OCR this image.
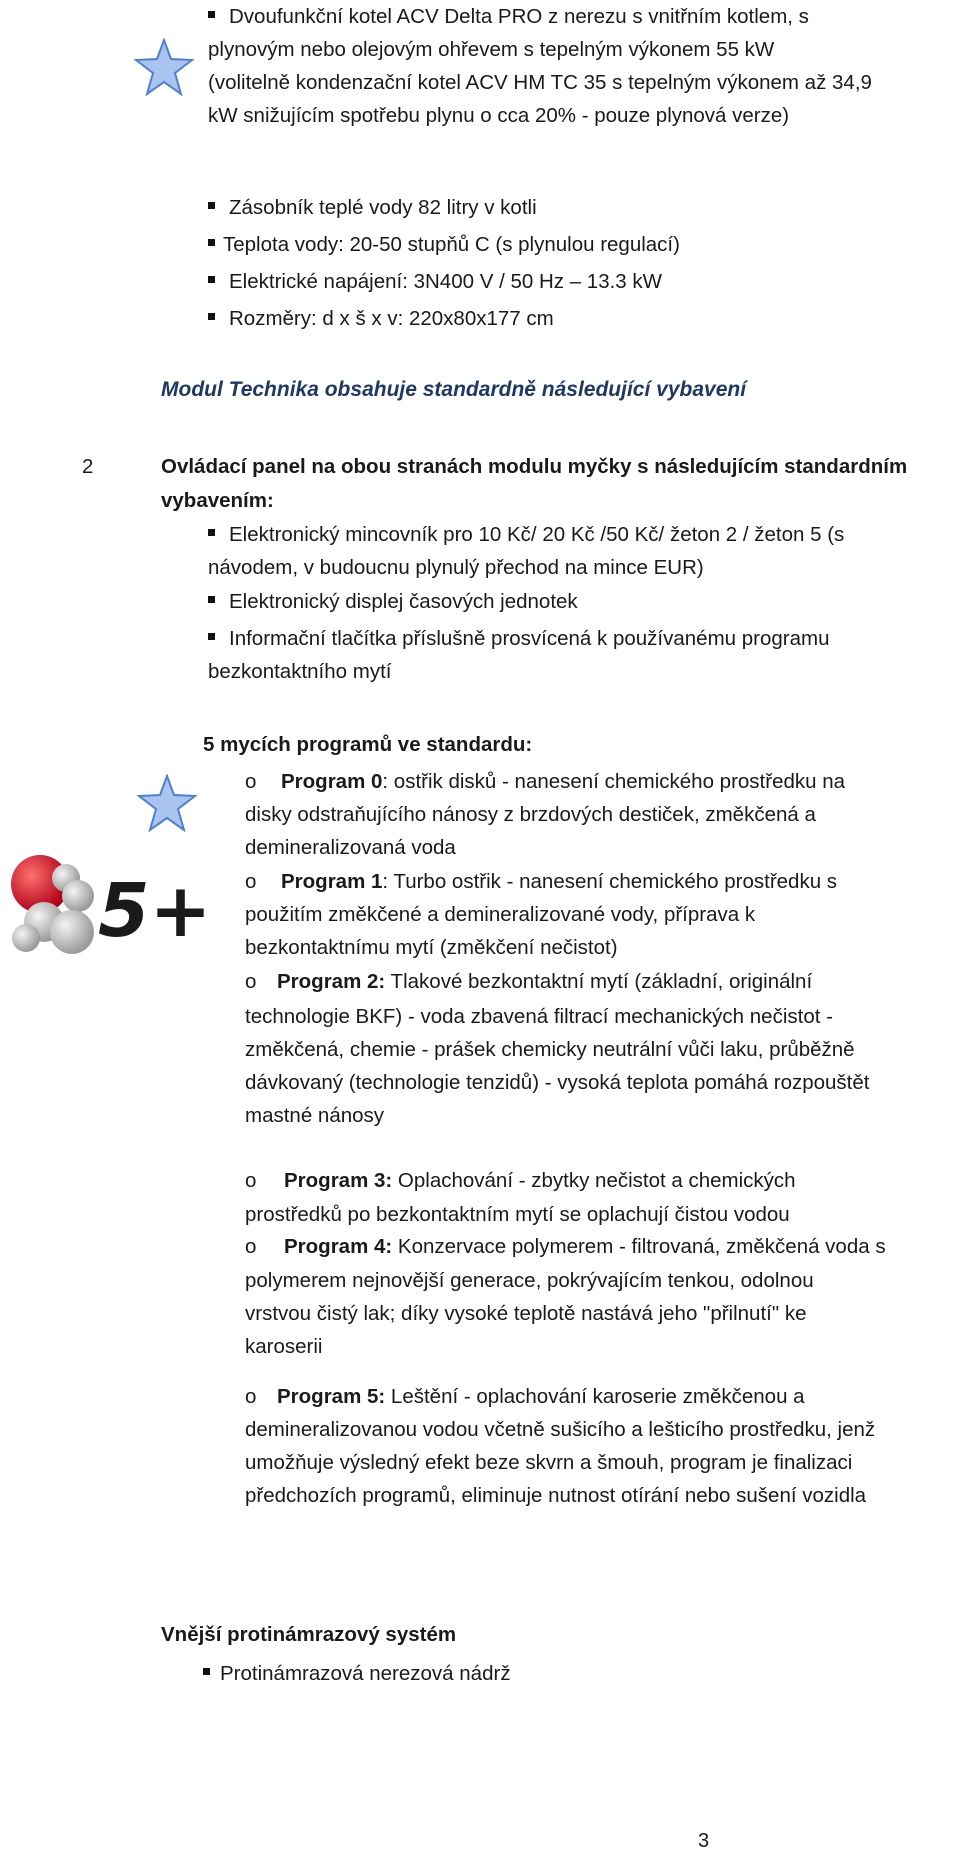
Dvoufunkční kotel ACV Delta PRO z nerezu s vnitřním kotlem, s
plynovým nebo olejovým ohřevem s tepelným výkonem 55 kW
(volitelně kondenzační kotel ACV HM TC 35 s tepelným výkonem až 34,9
kW snižujícím spotřebu plynu o cca 20% - pouze plynová verze)
Zásobník teplé vody 82 litry v kotli
Teplota vody: 20-50 stupňů C (s plynulou regulací)
Elektrické napájení: 3N400 V / 50 Hz – 13.3 kW
Rozměry: d x š x v: 220x80x177 cm
Modul Technika obsahuje standardně následující vybavení
2	Ovládací panel na obou stranách modulu myčky s následujícím standardním
vybavením:
Elektronický mincovník pro 10 Kč/ 20 Kč /50 Kč/ žeton 2 / žeton 5 (s
návodem, v budoucnu plynulý přechod na mince EUR)
Elektronický displej časových jednotek
Informační tlačítka příslušně prosvícená k používanému programu
bezkontaktního mytí
5 mycích programů ve standardu:
5+
o Program 0: ostřik disků - nanesení chemického prostředku na
disky odstraňujícího nánosy z brzdových destiček, změkčená a
demineralizovaná voda
o Program 1: Turbo ostřik - nanesení chemického prostředku s
použitím změkčené a demineralizované vody, příprava k
bezkontaktnímu mytí (změkčení nečistot)
o Program 2: Tlakové bezkontaktní mytí (základní, originální
technologie BKF) - voda zbavená filtrací mechanických nečistot -
změkčená, chemie - prášek chemicky neutrální vůči laku, průběžně
dávkovaný (technologie tenzidů) - vysoká teplota pomáhá rozpouštět
mastné nánosy
o Program 3: Oplachování - zbytky nečistot a chemických
prostředků po bezkontaktním mytí se oplachují čistou vodou
o Program 4: Konzervace polymerem - filtrovaná, změkčená voda s
polymerem nejnovější generace, pokrývajícím tenkou, odolnou
vrstvou čistý lak; díky vysoké teplotě nastává jeho "přilnutí" ke
karoserii
o Program 5: Leštění - oplachování karoserie změkčenou a
demineralizovanou vodou včetně sušicího a lešticího prostředku, jenž
umožňuje výsledný efekt beze skvrn a šmouh, program je finalizaci
předchozích programů, eliminuje nutnost otírání nebo sušení vozidla
Vnější protinámrazový systém
Protinámrazová nerezová nádrž
3
